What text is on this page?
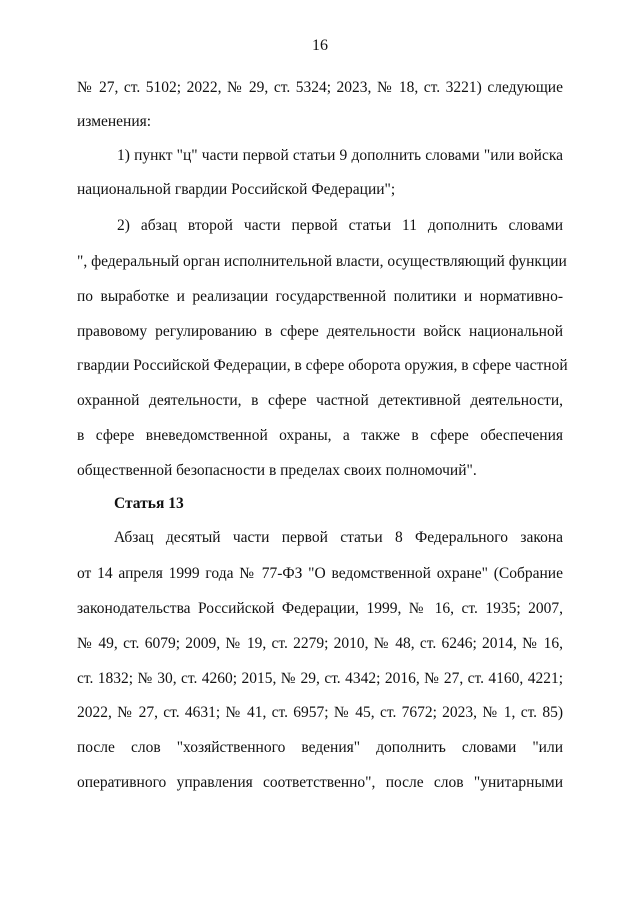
16
№ 27, ст. 5102; 2022, № 29, ст. 5324; 2023, № 18, ст. 3221) следующие
изменения:
1) пункт "ц" части первой статьи 9 дополнить словами "или войска
национальной гвардии Российской Федерации";
2) абзац второй части первой статьи 11 дополнить словами
", федеральный орган исполнительной власти, осуществляющий функции
по выработке и реализации государственной политики и нормативно-
правовому регулированию в сфере деятельности войск национальной
гвардии Российской Федерации, в сфере оборота оружия, в сфере частной
охранной деятельности, в сфере частной детективной деятельности,
в сфере вневедомственной охраны, а также в сфере обеспечения
общественной безопасности в пределах своих полномочий".
Статья 13
Абзац десятый части первой статьи 8 Федерального закона
от 14 апреля 1999 года № 77-ФЗ "О ведомственной охране" (Собрание
законодательства Российской Федерации, 1999, № 16, ст. 1935; 2007,
№ 49, ст. 6079; 2009, № 19, ст. 2279; 2010, № 48, ст. 6246; 2014, № 16,
ст. 1832; № 30, ст. 4260; 2015, № 29, ст. 4342; 2016, № 27, ст. 4160, 4221;
2022, № 27, ст. 4631; № 41, ст. 6957; № 45, ст. 7672; 2023, № 1, ст. 85)
после слов "хозяйственного ведения" дополнить словами "или
оперативного управления соответственно", после слов "унитарными
